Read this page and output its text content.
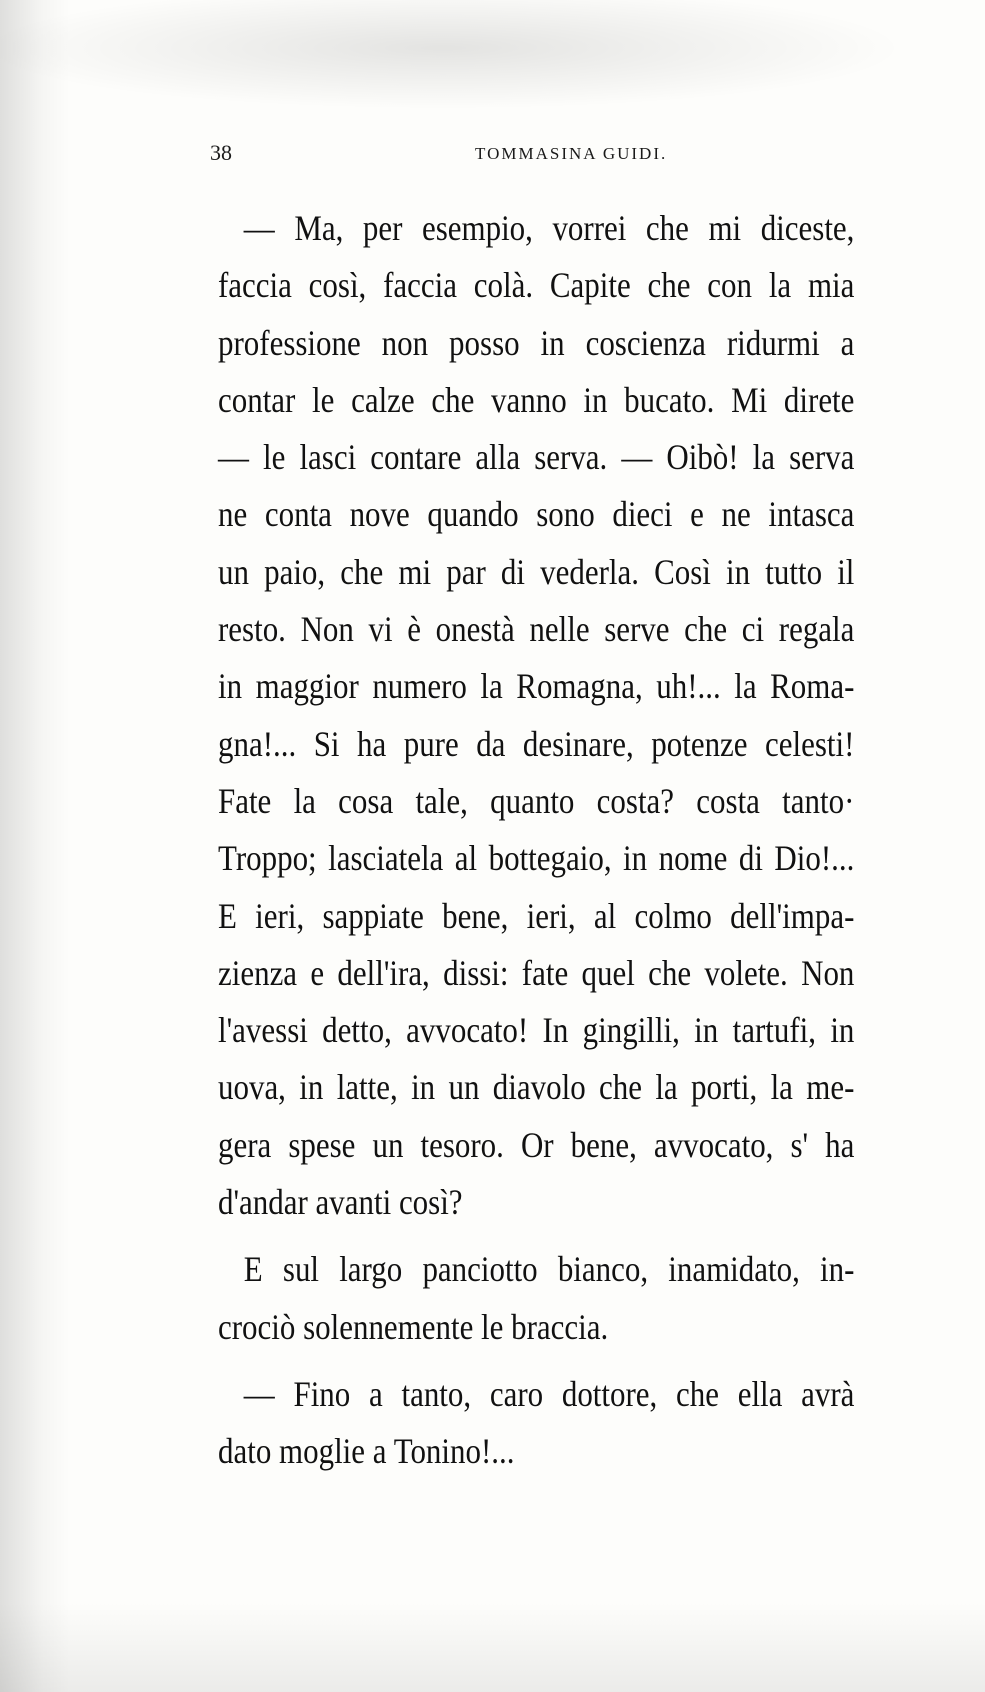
38	TOMMASINA GUIDI.
— Ma, per esempio, vorrei che mi diceste,
faccia così, faccia colà. Capite che con la mia
professione non posso in coscienza ridurmi a
contar le calze che vanno in bucato. Mi direte
— le lasci contare alla serva. — Oibò! la serva
ne conta nove quando sono dieci e ne intasca
un paio, che mi par di vederla. Così in tutto il
resto. Non vi è onestà nelle serve che ci regala
in maggior numero la Romagna, uh!... la Roma-
gna!... Si ha pure da desinare, potenze celesti!
Fate la cosa tale, quanto costa? costa tanto·
Troppo; lasciatela al bottegaio, in nome di Dio!...
E ieri, sappiate bene, ieri, al colmo dell'impa-
zienza e dell'ira, dissi: fate quel che volete. Non
l'avessi detto, avvocato! In gingilli, in tartufi, in
uova, in latte, in un diavolo che la porti, la me-
gera spese un tesoro. Or bene, avvocato, s' ha
d'andar avanti così?
E sul largo panciotto bianco, inamidato, in-
crociò solennemente le braccia.
— Fino a tanto, caro dottore, che ella avrà
dato moglie a Tonino!...
